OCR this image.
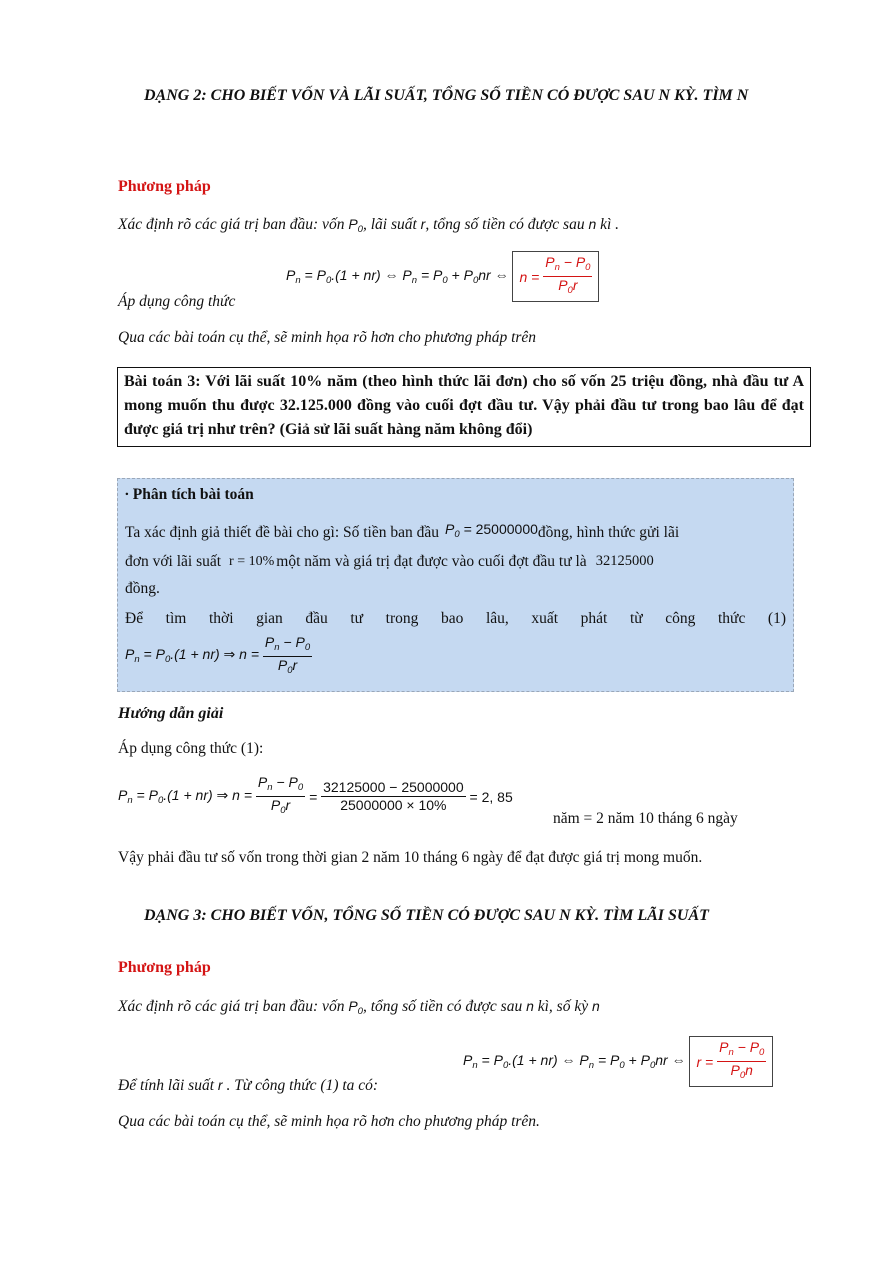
DẠNG 2: CHO BIẾT VỐN VÀ LÃI SUẤT, TỔNG SỐ TIỀN CÓ ĐƯỢC SAU N KỲ. TÌM N
Phương pháp
Xác định rõ các giá trị ban đầu: vốn $P_0$, lãi suất r, tổng số tiền có được sau n kì .
$P_n = P_0.(1 + nr)$ ⇔ $P_n = P_0 + P_0nr$ ⇔ $n = \frac{P_n - P_0}{P_0r}$
Áp dụng công thức
Qua các bài toán cụ thể, sẽ minh họa rõ hơn cho phương pháp trên
Bài toán 3: Với lãi suất 10% năm (theo hình thức lãi đơn) cho số vốn 25 triệu đồng, nhà đầu tư A mong muốn thu được 32.125.000 đồng vào cuối đợt đầu tư. Vậy phải đầu tư trong bao lâu để đạt được giá trị như trên? (Giả sử lãi suất hàng năm không đổi)
∙ Phân tích bài toán
Ta xác định giả thiết đề bài cho gì: Số tiền ban đầu $P_0 = 25000000$ đồng, hình thức gửi lãi
đơn với lãi suất r = 10% một năm và giá trị đạt được vào cuối đợt đầu tư là 32125000
đồng.
Để tìm thời gian đầu tư trong bao lâu, xuất phát từ công thức (1)
$P_n = P_0.(1 + nr)$ ⇒ $n = \frac{P_n - P_0}{P_0r}$
Hướng dẫn giải
Áp dụng công thức (1):
$P_n = P_0.(1 + nr)$ ⇒ $n = \frac{P_n - P_0}{P_0r} = \frac{32125000 - 25000000}{25000000 \times 10\%} = 2$, 85
năm = 2 năm 10 tháng 6 ngày
Vậy phải đầu tư số vốn trong thời gian 2 năm 10 tháng 6 ngày để đạt được giá trị mong muốn.
DẠNG 3: CHO BIẾT VỐN, TỔNG SỐ TIỀN CÓ ĐƯỢC SAU N KỲ. TÌM LÃI SUẤT
Phương pháp
Xác định rõ các giá trị ban đầu: vốn $P_0$, tổng số tiền có được sau n kì, số kỳ n
$P_n = P_0.(1 + nr)$ ⇔ $P_n = P_0 + P_0nr$ ⇔ $r = \frac{P_n - P_0}{P_0n}$
Để tính lãi suất r . Từ công thức (1) ta có:
Qua các bài toán cụ thể, sẽ minh họa rõ hơn cho phương pháp trên.
